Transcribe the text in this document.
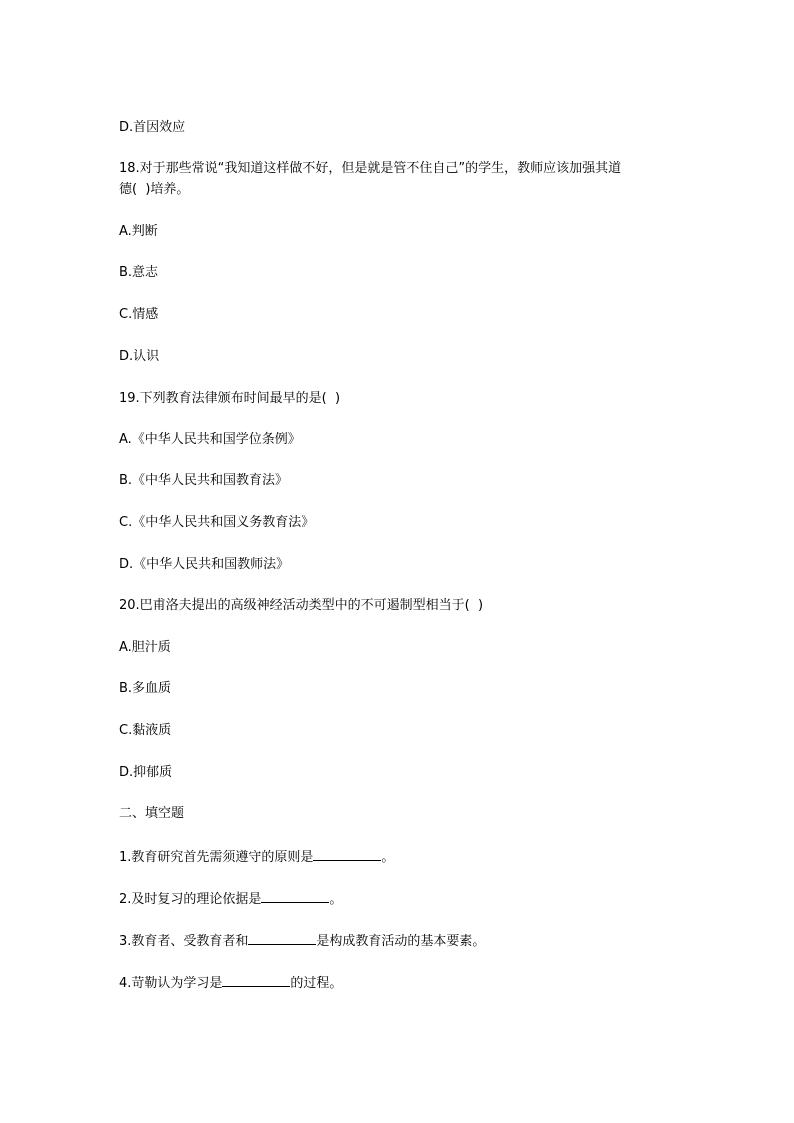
D.首因效应
18.对于那些常说“我知道这样做不好，但是就是管不住自己”的学生，教师应该加强其道
德(  )培养。
A.判断
B.意志
C.情感
D.认识
19.下列教育法律颁布时间最早的是(  )
A.《中华人民共和国学位条例》
B.《中华人民共和国教育法》
C.《中华人民共和国义务教育法》
D.《中华人民共和国教师法》
20.巴甫洛夫提出的高级神经活动类型中的不可遏制型相当于(  )
A.胆汁质
B.多血质
C.黏液质
D.抑郁质
二、填空题
1.教育研究首先需须遵守的原则是	。
2.及时复习的理论依据是	。
3.教育者、受教育者和	是构成教育活动的基本要素。
4.苛勒认为学习是	的过程。
